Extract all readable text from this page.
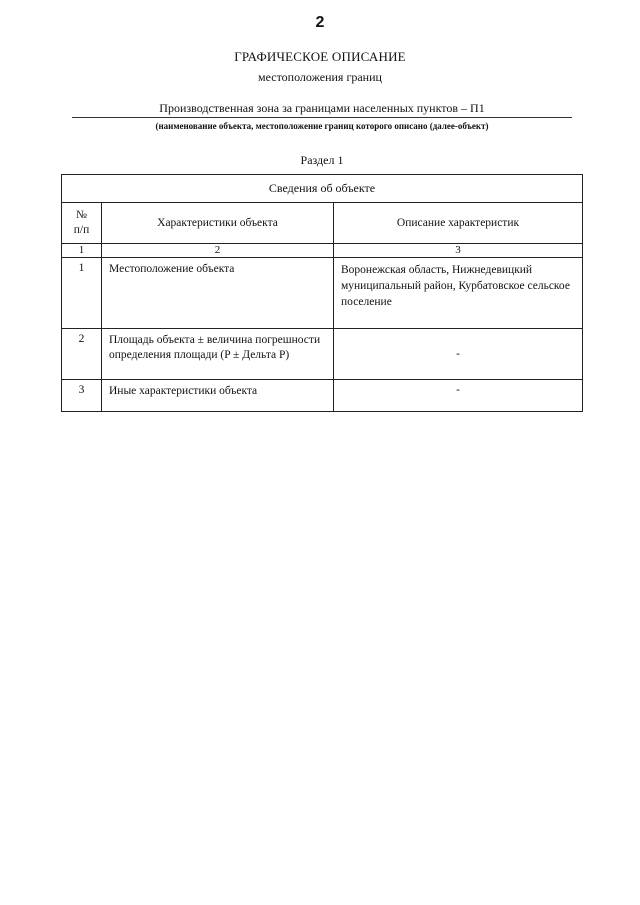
2
ГРАФИЧЕСКОЕ ОПИСАНИЕ
местоположения границ
Производственная зона за границами населенных пунктов – П1
(наименование объекта, местоположение границ которого описано (далее-объект)
Раздел 1
Сведения об объекте		
№
п/п	Характеристики объекта	Описание характеристик
1	2	3
1	Местоположение объекта	Воронежская область, Нижнедевицкий муниципальный район, Курбатовское сельское поселение
2	Площадь объекта ± величина погрешности определения площади (P ± Дельта P)	-
3	Иные характеристики объекта	-
